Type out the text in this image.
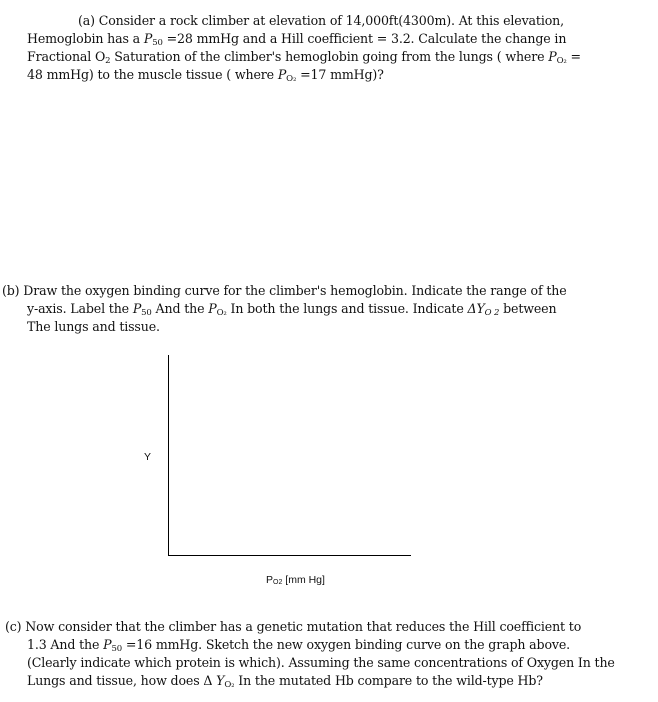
(a) Consider a rock climber at elevation of 14,000ft(4300m). At this elevation,
Hemoglobin has a $P_{50} =28$ mmHg and a Hill coefficient = 3.2. Calculate the change in
Fractional $O_2$ Saturation of the climber's hemoglobin going from the lungs ( where $P_{O_2}$ =
48 mmHg) to the muscle tissue ( where $P_{O_2} =17$ mmHg)?
(b) Draw the oxygen binding curve for the climber's hemoglobin. Indicate the range of the
y-axis. Label the $P_{50}$ And the $P_{O_2}$ In both the lungs and tissue. Indicate $\Delta Y_{O 2}$ between
The lungs and tissue.
Y
$P_{O2}$ [mm Hg]
(c) Now consider that the climber has a genetic mutation that reduces the Hill coefficient to
1.3 And the $P_{50} =16$ mmHg. Sketch the new oxygen binding curve on the graph above.
(Clearly indicate which protein is which). Assuming the same concentrations of Oxygen In the
Lungs and tissue, how does Δ $Y_{O_2}$ In the mutated Hb compare to the wild-type Hb?
